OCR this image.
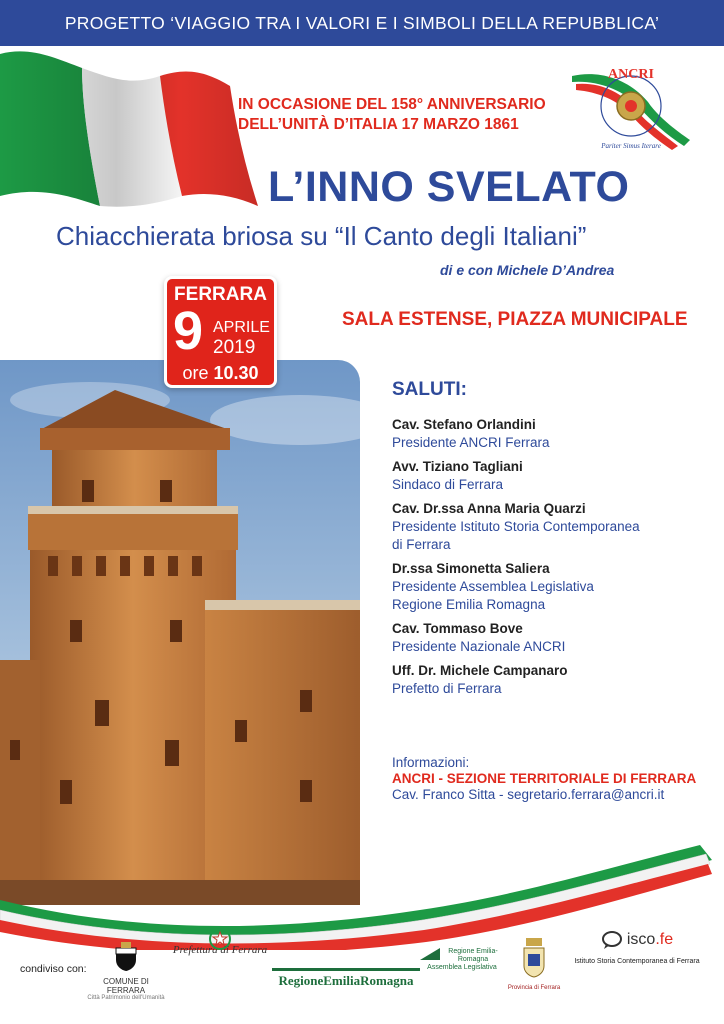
PROGETTO ‘VIAGGIO TRA I VALORI E I SIMBOLI DELLA REPUBBLICA’
IN OCCASIONE DEL 158° ANNIVERSARIO
DELL’UNITÀ D’ITALIA 17 MARZO 1861
ANCRI
Pariter Simus Iterare
L’INNO SVELATO
Chiacchierata briosa su “Il Canto degli Italiani”
di e con Michele D’Andrea
FERRARA
9 APRILE
2019
ore 10.30
SALA ESTENSE, PIAZZA MUNICIPALE
SALUTI:
Cav. Stefano Orlandini
Presidente ANCRI Ferrara
Avv. Tiziano Tagliani
Sindaco di Ferrara
Cav. Dr.ssa Anna Maria Quarzi
Presidente Istituto Storia Contemporanea
di Ferrara
Dr.ssa Simonetta Saliera
Presidente Assemblea Legislativa
Regione Emilia Romagna
Cav. Tommaso Bove
Presidente Nazionale ANCRI
Uff. Dr. Michele Campanaro
Prefetto di Ferrara
Informazioni:
ANCRI - SEZIONE TERRITORIALE DI FERRARA
Cav. Franco Sitta - segretario.ferrara@ancri.it
condiviso con:
COMUNE DI FERRARA
Città Patrimonio dell'Umanità
Prefettura di Ferrara
RegioneEmiliaRomagna
Regione Emilia-Romagna
Assemblea Legislativa
Provincia di Ferrara
isco.fe
Istituto Storia Contemporanea di Ferrara
